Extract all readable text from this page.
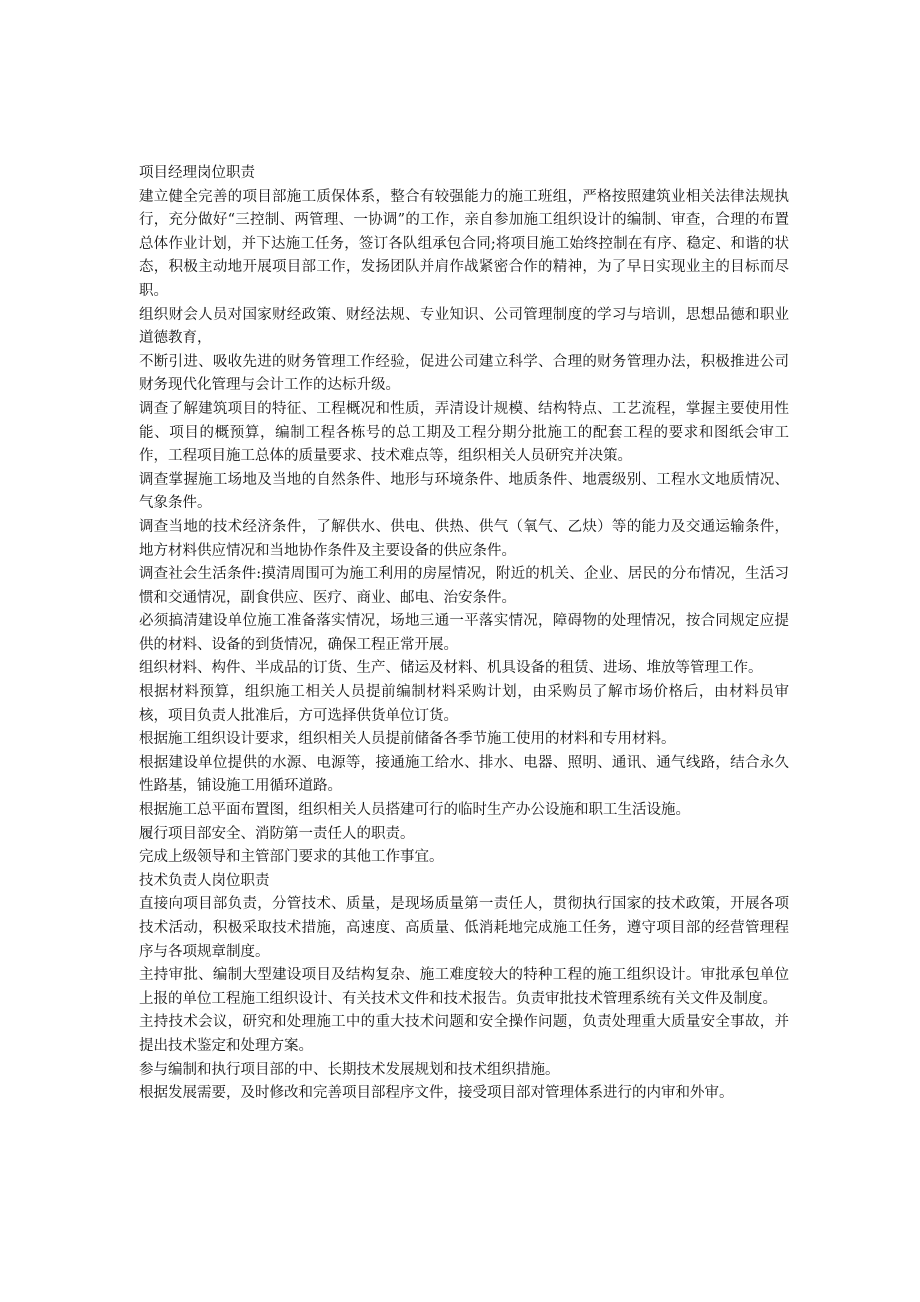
项目经理岗位职责

建立健全完善的项目部施工质保体系，整合有较强能力的施工班组，严格按照建筑业相关法律法规执行，充分做好“三控制、两管理、一协调”的工作，亲自参加施工组织设计的编制、审查，合理的布置总体作业计划，并下达施工任务，签订各队组承包合同;将项目施工始终控制在有序、稳定、和谐的状态，积极主动地开展项目部工作，发扬团队并肩作战紧密合作的精神，为了早日实现业主的目标而尽职。

组织财会人员对国家财经政策、财经法规、专业知识、公司管理制度的学习与培训，思想品德和职业道德教育，

不断引进、吸收先进的财务管理工作经验，促进公司建立科学、合理的财务管理办法，积极推进公司财务现代化管理与会计工作的达标升级。

调查了解建筑项目的特征、工程概况和性质，弄清设计规模、结构特点、工艺流程，掌握主要使用性能、项目的概预算，编制工程各栋号的总工期及工程分期分批施工的配套工程的要求和图纸会审工作，工程项目施工总体的质量要求、技术难点等，组织相关人员研究并决策。

调查掌握施工场地及当地的自然条件、地形与环境条件、地质条件、地震级别、工程水文地质情况、气象条件。

调查当地的技术经济条件，了解供水、供电、供热、供气（氧气、乙炔）等的能力及交通运输条件，地方材料供应情况和当地协作条件及主要设备的供应条件。

调查社会生活条件:摸清周围可为施工利用的房屋情况，附近的机关、企业、居民的分布情况，生活习惯和交通情况，副食供应、医疗、商业、邮电、治安条件。

必须搞清建设单位施工准备落实情况，场地三通一平落实情况，障碍物的处理情况，按合同规定应提供的材料、设备的到货情况，确保工程正常开展。

组织材料、构件、半成品的订货、生产、储运及材料、机具设备的租赁、进场、堆放等管理工作。

根据材料预算，组织施工相关人员提前编制材料采购计划，由采购员了解市场价格后，由材料员审核，项目负责人批准后，方可选择供货单位订货。

根据施工组织设计要求，组织相关人员提前储备各季节施工使用的材料和专用材料。

根据建设单位提供的水源、电源等，接通施工给水、排水、电器、照明、通讯、通气线路，结合永久性路基，铺设施工用循环道路。

根据施工总平面布置图，组织相关人员搭建可行的临时生产办公设施和职工生活设施。

履行项目部安全、消防第一责任人的职责。

完成上级领导和主管部门要求的其他工作事宜。

技术负责人岗位职责

直接向项目部负责，分管技术、质量，是现场质量第一责任人，贯彻执行国家的技术政策，开展各项技术活动，积极采取技术措施，高速度、高质量、低消耗地完成施工任务，遵守项目部的经营管理程序与各项规章制度。

主持审批、编制大型建设项目及结构复杂、施工难度较大的特种工程的施工组织设计。审批承包单位上报的单位工程施工组织设计、有关技术文件和技术报告。负责审批技术管理系统有关文件及制度。

主持技术会议，研究和处理施工中的重大技术问题和安全操作问题，负责处理重大质量安全事故，并提出技术鉴定和处理方案。

参与编制和执行项目部的中、长期技术发展规划和技术组织措施。

根据发展需要，及时修改和完善项目部程序文件，接受项目部对管理体系进行的内审和外审。
